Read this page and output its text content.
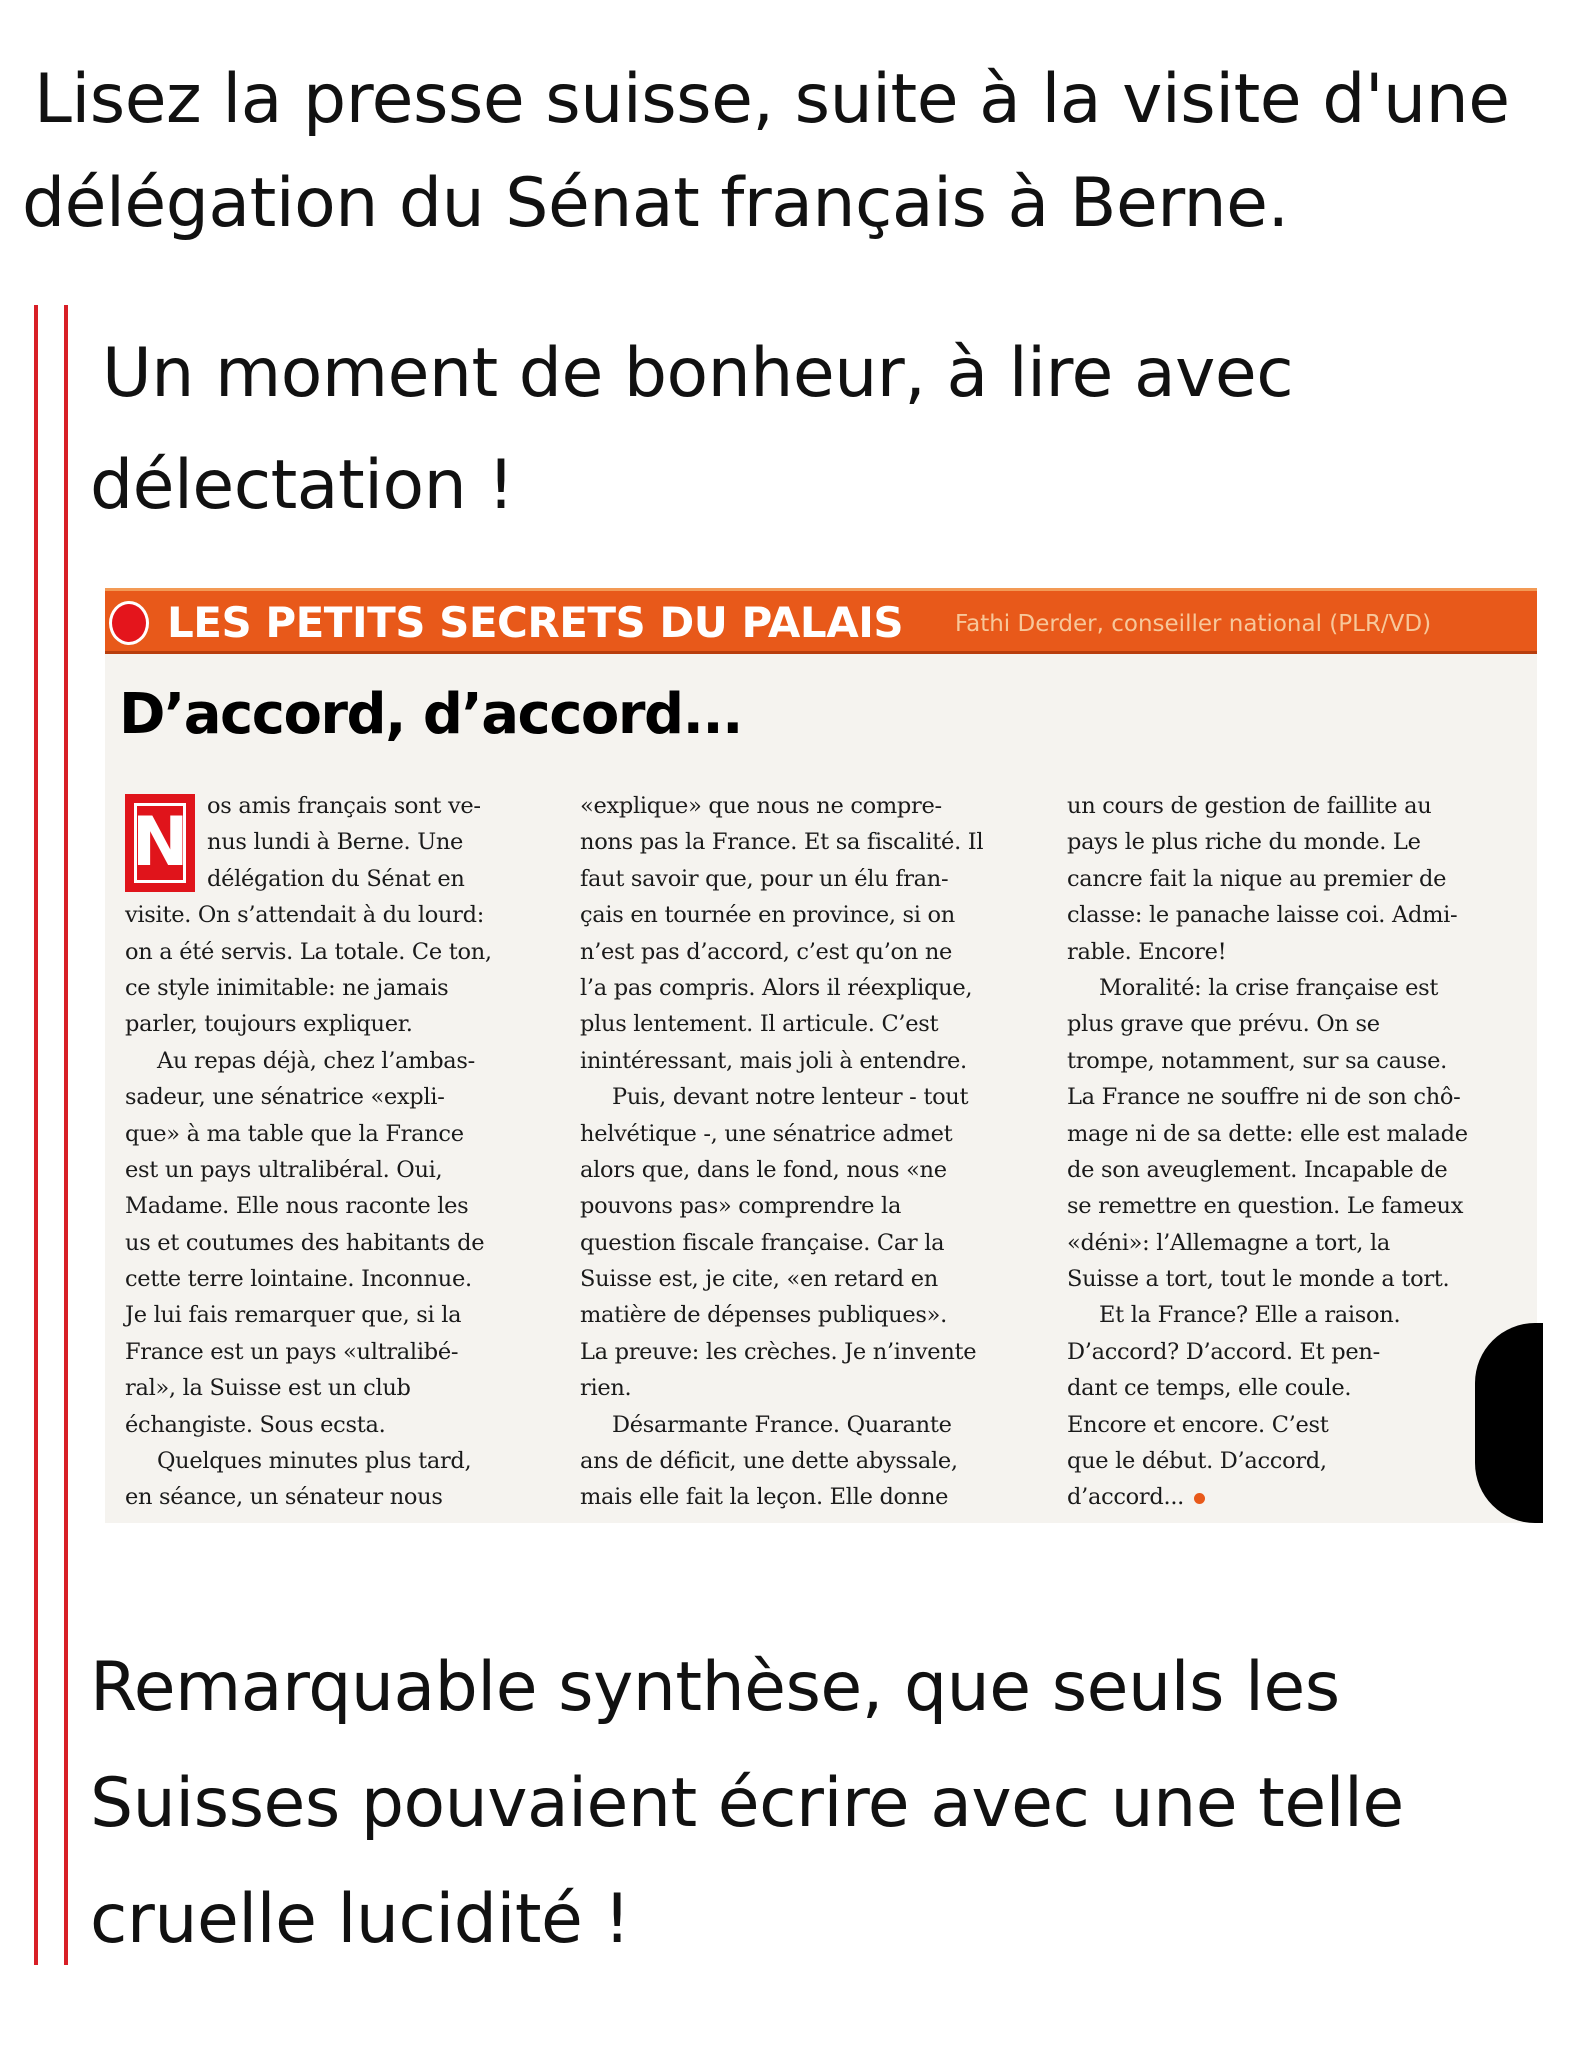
Lisez la presse suisse, suite à la visite d'une
délégation du Sénat français à Berne.

Un moment de bonheur, à lire avec
délectation !

LES PETITS SECRETS DU PALAIS Fathi Derder, conseiller national (PLR/VD)
D’accord, d’accord...
N os amis français sont ve-
nus lundi à Berne. Une
délégation du Sénat en
visite. On s’attendait à du lourd:
on a été servis. La totale. Ce ton,
ce style inimitable: ne jamais
parler, toujours expliquer.
Au repas déjà, chez l’ambas-
sadeur, une sénatrice «expli-
que» à ma table que la France
est un pays ultralibéral. Oui,
Madame. Elle nous raconte les
us et coutumes des habitants de
cette terre lointaine. Inconnue.
Je lui fais remarquer que, si la
France est un pays «ultralibé-
ral», la Suisse est un club
échangiste. Sous ecsta.
Quelques minutes plus tard,
en séance, un sénateur nous
«explique» que nous ne compre-
nons pas la France. Et sa fiscalité. Il
faut savoir que, pour un élu fran-
çais en tournée en province, si on
n’est pas d’accord, c’est qu’on ne
l’a pas compris. Alors il réexplique,
plus lentement. Il articule. C’est
inintéressant, mais joli à entendre.
Puis, devant notre lenteur - tout
helvétique -, une sénatrice admet
alors que, dans le fond, nous «ne
pouvons pas» comprendre la
question fiscale française. Car la
Suisse est, je cite, «en retard en
matière de dépenses publiques».
La preuve: les crèches. Je n’invente
rien.
Désarmante France. Quarante
ans de déficit, une dette abyssale,
mais elle fait la leçon. Elle donne
un cours de gestion de faillite au
pays le plus riche du monde. Le
cancre fait la nique au premier de
classe: le panache laisse coi. Admi-
rable. Encore!
Moralité: la crise française est
plus grave que prévu. On se
trompe, notamment, sur sa cause.
La France ne souffre ni de son chô-
mage ni de sa dette: elle est malade
de son aveuglement. Incapable de
se remettre en question. Le fameux
«déni»: l’Allemagne a tort, la
Suisse a tort, tout le monde a tort.
Et la France? Elle a raison.
D’accord? D’accord. Et pen-
dant ce temps, elle coule.
Encore et encore. C’est
que le début. D’accord,
d’accord...

Remarquable synthèse, que seuls les
Suisses pouvaient écrire avec une telle
cruelle lucidité !
